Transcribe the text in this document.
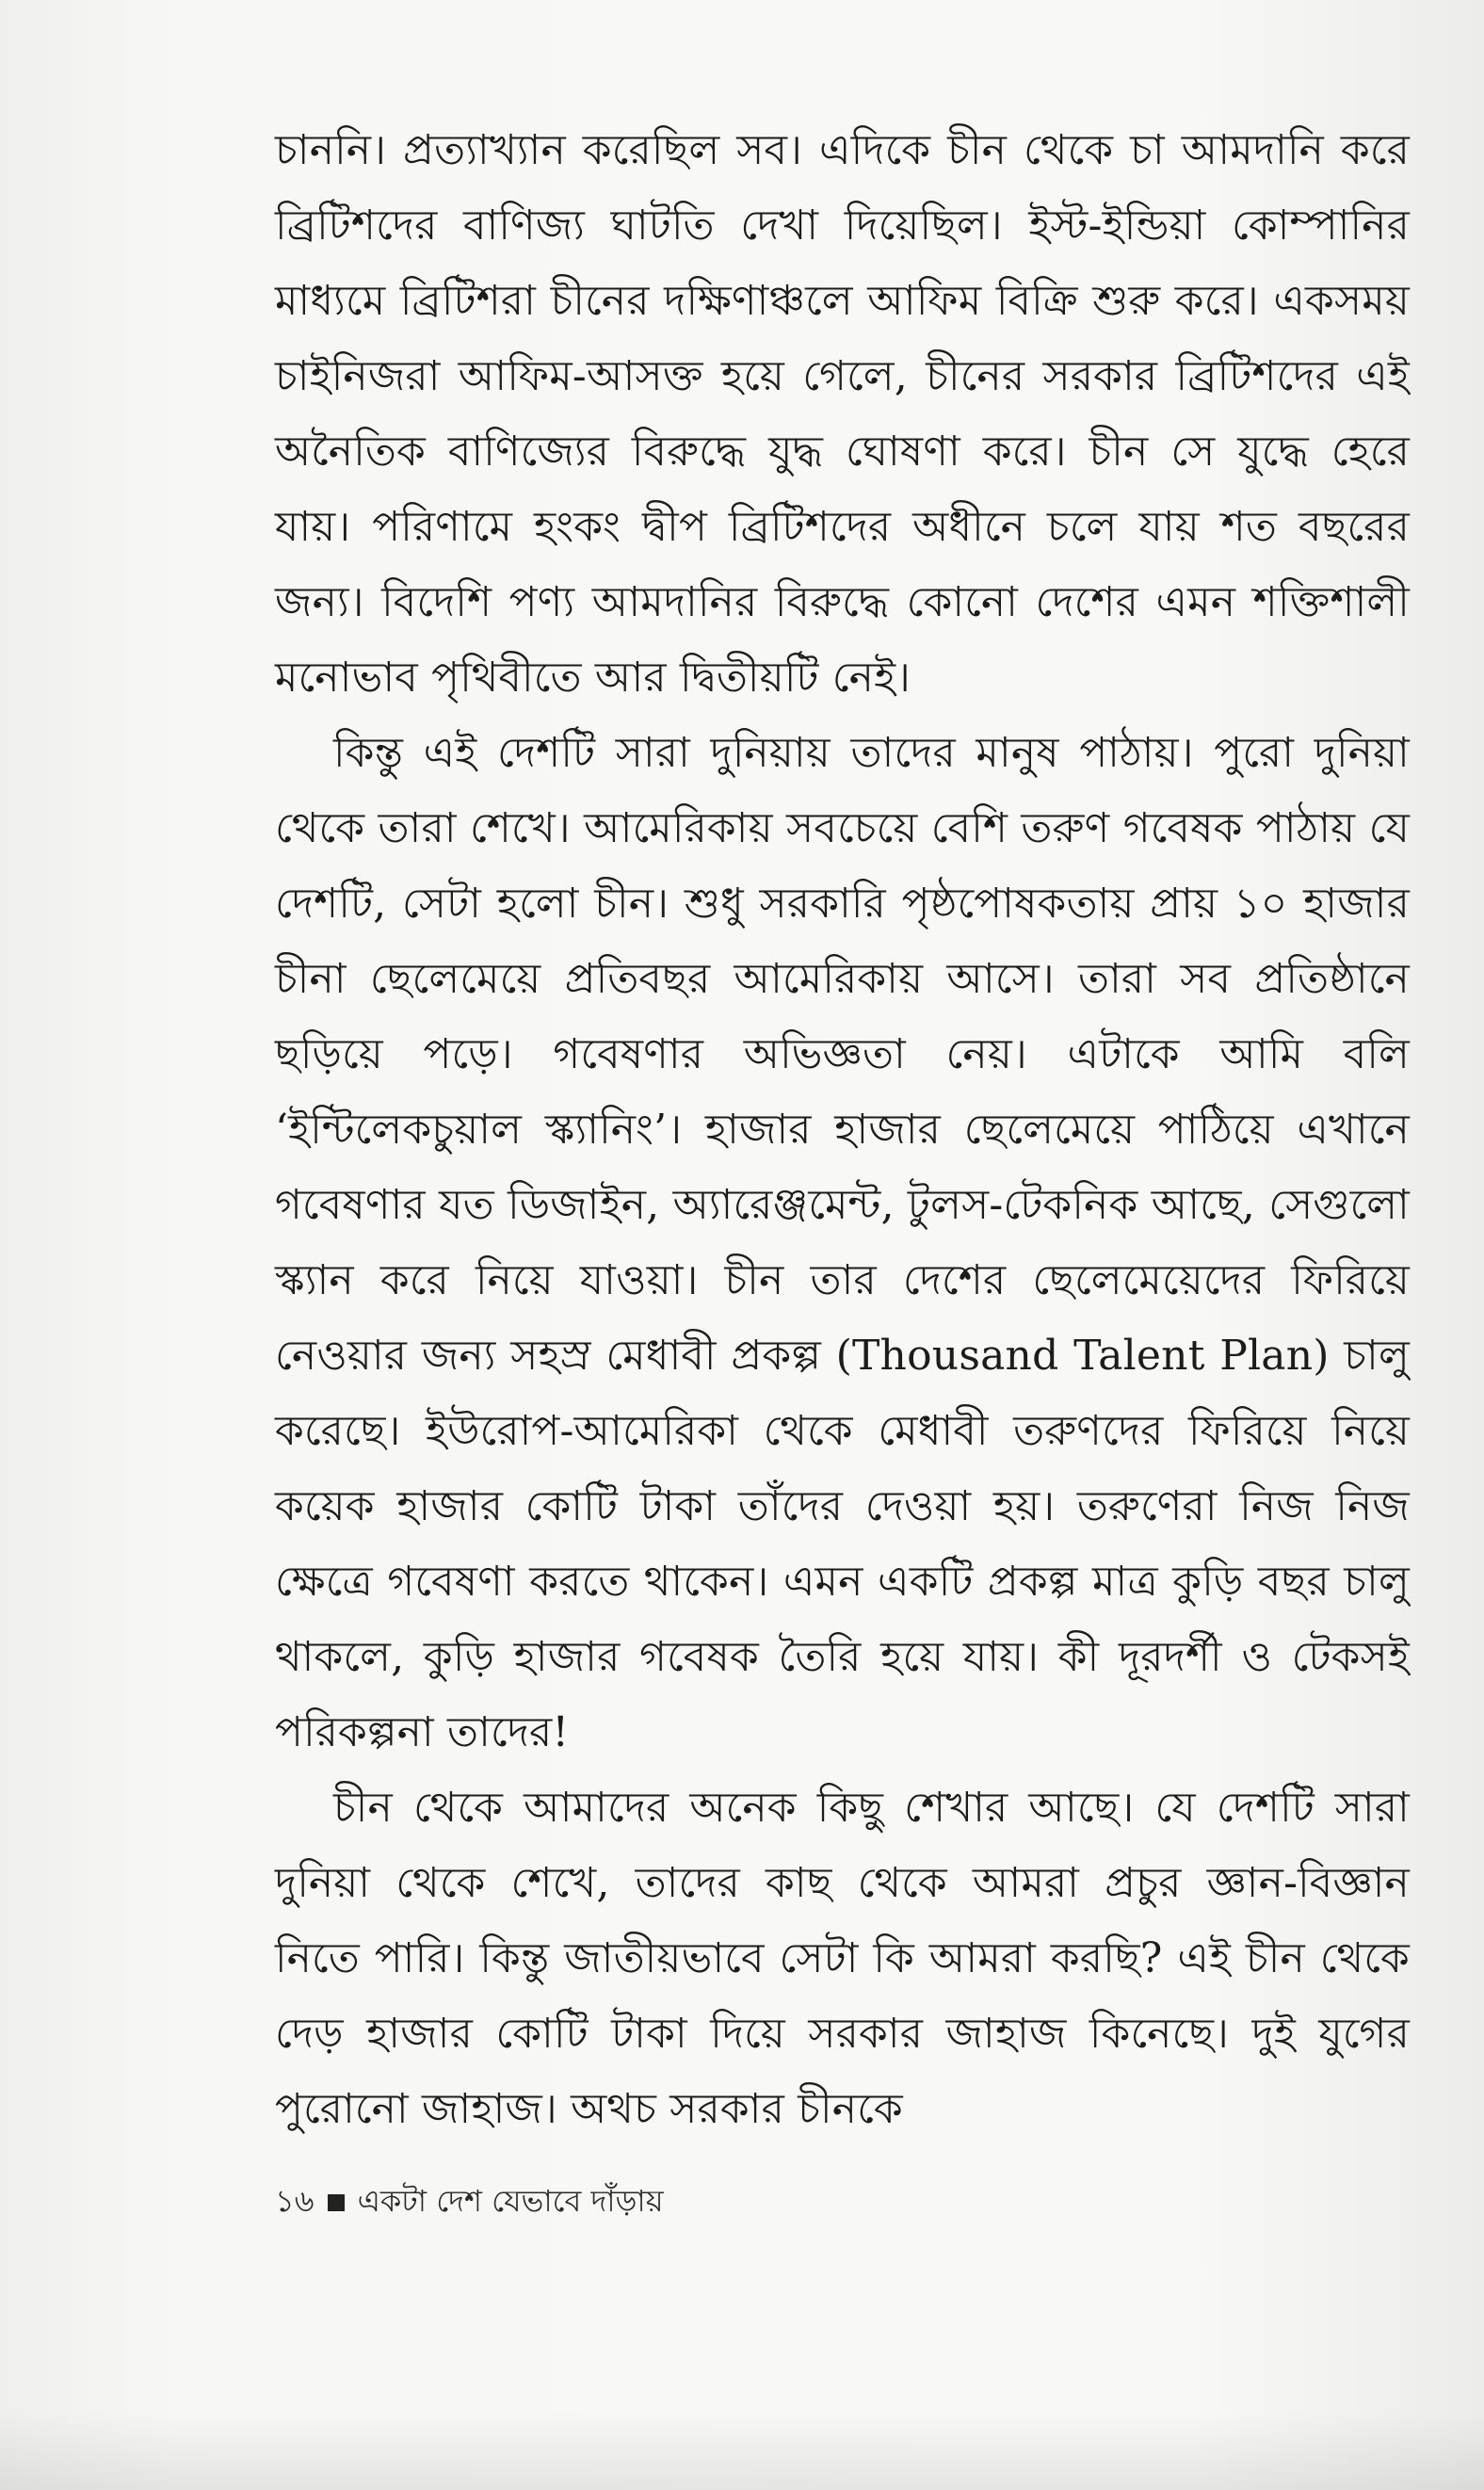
চাননি। প্রত্যাখ্যান করেছিল সব। এদিকে চীন থেকে চা আমদানি করে ব্রিটিশদের বাণিজ্য ঘাটতি দেখা দিয়েছিল। ইস্ট-ইন্ডিয়া কোম্পানির মাধ্যমে ব্রিটিশরা চীনের দক্ষিণাঞ্চলে আফিম বিক্রি শুরু করে। একসময় চাইনিজরা আফিম-আসক্ত হয়ে গেলে, চীনের সরকার ব্রিটিশদের এই অনৈতিক বাণিজ্যের বিরুদ্ধে যুদ্ধ ঘোষণা করে। চীন সে যুদ্ধে হেরে যায়। পরিণামে হংকং দ্বীপ ব্রিটিশদের অধীনে চলে যায় শত বছরের জন্য। বিদেশি পণ্য আমদানির বিরুদ্ধে কোনো দেশের এমন শক্তিশালী মনোভাব পৃথিবীতে আর দ্বিতীয়টি নেই।

কিন্তু এই দেশটি সারা দুনিয়ায় তাদের মানুষ পাঠায়। পুরো দুনিয়া থেকে তারা শেখে। আমেরিকায় সবচেয়ে বেশি তরুণ গবেষক পাঠায় যে দেশটি, সেটা হলো চীন। শুধু সরকারি পৃষ্ঠপোষকতায় প্রায় ১০ হাজার চীনা ছেলেমেয়ে প্রতিবছর আমেরিকায় আসে। তারা সব প্রতিষ্ঠানে ছড়িয়ে পড়ে। গবেষণার অভিজ্ঞতা নেয়। এটাকে আমি বলি ‘ইন্টিলেকচুয়াল স্ক্যানিং’। হাজার হাজার ছেলেমেয়ে পাঠিয়ে এখানে গবেষণার যত ডিজাইন, অ্যারেঞ্জমেন্ট, টুলস-টেকনিক আছে, সেগুলো স্ক্যান করে নিয়ে যাওয়া। চীন তার দেশের ছেলেমেয়েদের ফিরিয়ে নেওয়ার জন্য সহস্র মেধাবী প্রকল্প (Thousand Talent Plan) চালু করেছে। ইউরোপ-আমেরিকা থেকে মেধাবী তরুণদের ফিরিয়ে নিয়ে কয়েক হাজার কোটি টাকা তাঁদের দেওয়া হয়। তরুণেরা নিজ নিজ ক্ষেত্রে গবেষণা করতে থাকেন। এমন একটি প্রকল্প মাত্র কুড়ি বছর চালু থাকলে, কুড়ি হাজার গবেষক তৈরি হয়ে যায়। কী দূরদর্শী ও টেকসই পরিকল্পনা তাদের!

চীন থেকে আমাদের অনেক কিছু শেখার আছে। যে দেশটি সারা দুনিয়া থেকে শেখে, তাদের কাছ থেকে আমরা প্রচুর জ্ঞান-বিজ্ঞান নিতে পারি। কিন্তু জাতীয়ভাবে সেটা কি আমরা করছি? এই চীন থেকে দেড় হাজার কোটি টাকা দিয়ে সরকার জাহাজ কিনেছে। দুই যুগের পুরোনো জাহাজ। অথচ সরকার চীনকে

১৬ একটা দেশ যেভাবে দাঁড়ায়
